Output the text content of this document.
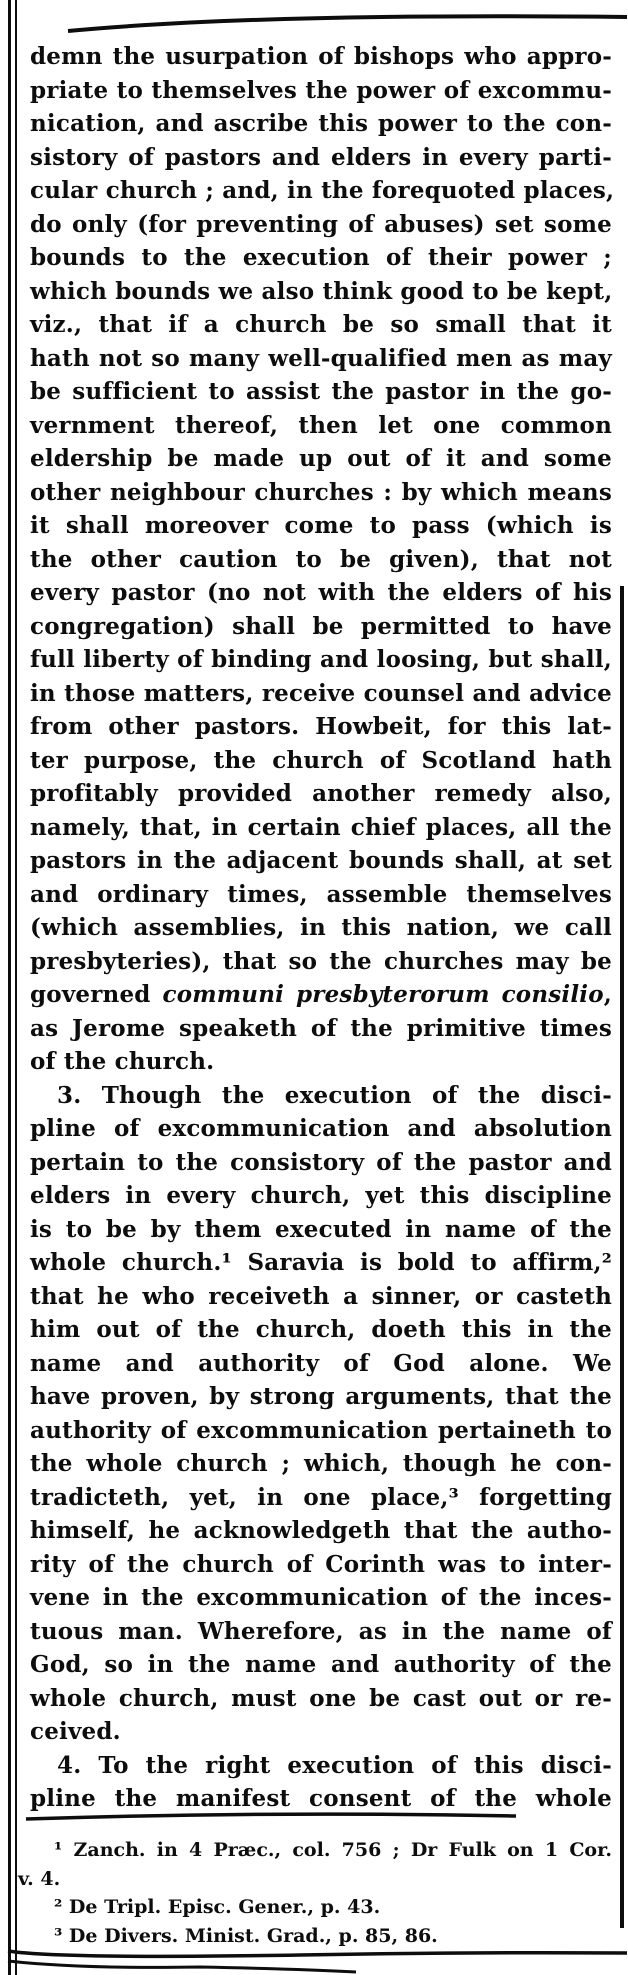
demn the usurpation of bishops who appro-
priate to themselves the power of excommu-
nication, and ascribe this power to the con-
sistory of pastors and elders in every parti-
cular church ; and, in the forequoted places,
do only (for preventing of abuses) set some
bounds to the execution of their power ;
which bounds we also think good to be kept,
viz., that if a church be so small that it
hath not so many well-qualified men as may
be sufficient to assist the pastor in the go-
vernment thereof, then let one common
eldership be made up out of it and some
other neighbour churches : by which means
it shall moreover come to pass (which is
the other caution to be given), that not
every pastor (no not with the elders of his
congregation) shall be permitted to have
full liberty of binding and loosing, but shall,
in those matters, receive counsel and advice
from other pastors. Howbeit, for this lat-
ter purpose, the church of Scotland hath
profitably provided another remedy also,
namely, that, in certain chief places, all the
pastors in the adjacent bounds shall, at set
and ordinary times, assemble themselves
(which assemblies, in this nation, we call
presbyteries), that so the churches may be
governed communi presbyterorum consilio,
as Jerome speaketh of the primitive times
of the church.
3. Though the execution of the disci-
pline of excommunication and absolution
pertain to the consistory of the pastor and
elders in every church, yet this discipline
is to be by them executed in name of the
whole church.¹ Saravia is bold to affirm,²
that he who receiveth a sinner, or casteth
him out of the church, doeth this in the
name and authority of God alone. We
have proven, by strong arguments, that the
authority of excommunication pertaineth to
the whole church ; which, though he con-
tradicteth, yet, in one place,³ forgetting
himself, he acknowledgeth that the autho-
rity of the church of Corinth was to inter-
vene in the excommunication of the inces-
tuous man. Wherefore, as in the name of
God, so in the name and authority of the
whole church, must one be cast out or re-
ceived.
4. To the right execution of this disci-
pline the manifest consent of the whole
¹ Zanch. in 4 Præc., col. 756 ; Dr Fulk on 1 Cor.
v. 4.
² De Tripl. Episc. Gener., p. 43.
³ De Divers. Minist. Grad., p. 85, 86.
